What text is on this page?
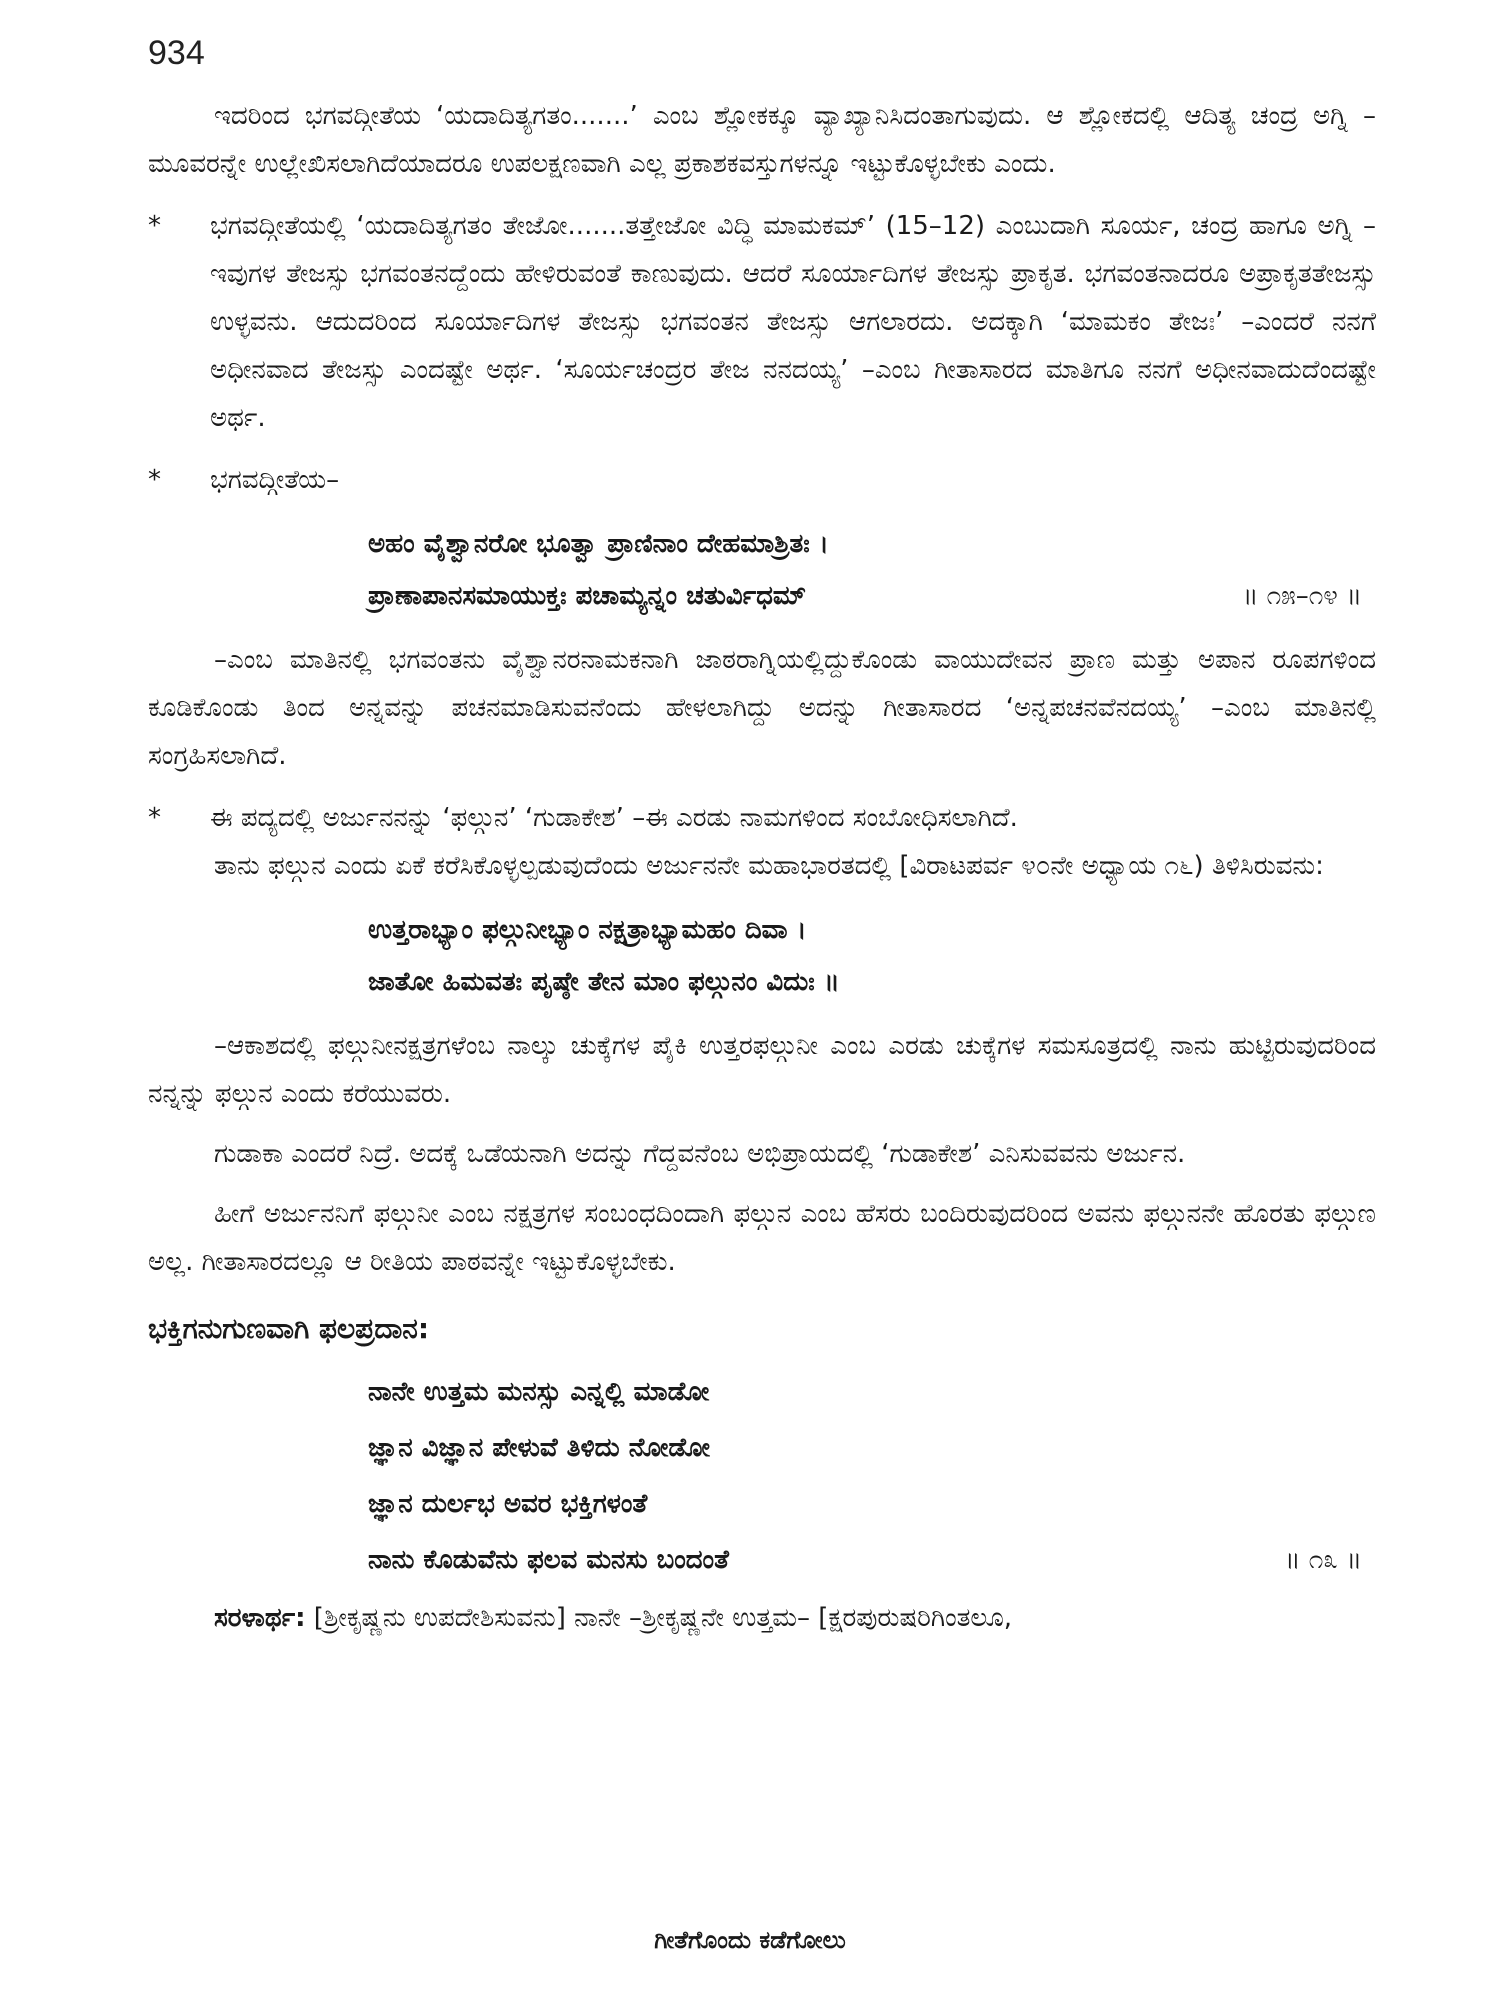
934

ಇದರಿಂದ ಭಗವದ್ಗೀತೆಯ ‘ಯದಾದಿತ್ಯಗತಂ.......’ ಎಂಬ ಶ್ಲೋಕಕ್ಕೂ ವ್ಯಾಖ್ಯಾನಿಸಿದಂತಾಗುವುದು. ಆ ಶ್ಲೋಕದಲ್ಲಿ ಆದಿತ್ಯ ಚಂದ್ರ ಅಗ್ನಿ –ಮೂವರನ್ನೇ ಉಲ್ಲೇಖಿಸಲಾಗಿದೆಯಾದರೂ ಉಪಲಕ್ಷಣವಾಗಿ ಎಲ್ಲ ಪ್ರಕಾಶಕವಸ್ತುಗಳನ್ನೂ ಇಟ್ಟುಕೊಳ್ಳಬೇಕು ಎಂದು.

*	ಭಗವದ್ಗೀತೆಯಲ್ಲಿ ‘ಯದಾದಿತ್ಯಗತಂ ತೇಜೋ.......ತತ್ತೇಜೋ ವಿದ್ಧಿ ಮಾಮಕಮ್’ (15–12) ಎಂಬುದಾಗಿ ಸೂರ್ಯ, ಚಂದ್ರ ಹಾಗೂ ಅಗ್ನಿ –ಇವುಗಳ ತೇಜಸ್ಸು ಭಗವಂತನದ್ದೆಂದು ಹೇಳಿರುವಂತೆ ಕಾಣುವುದು. ಆದರೆ ಸೂರ್ಯಾದಿಗಳ ತೇಜಸ್ಸು ಪ್ರಾಕೃತ. ಭಗವಂತನಾದರೂ ಅಪ್ರಾಕೃತತೇಜಸ್ಸು ಉಳ್ಳವನು. ಆದುದರಿಂದ ಸೂರ್ಯಾದಿಗಳ ತೇಜಸ್ಸು ಭಗವಂತನ ತೇಜಸ್ಸು ಆಗಲಾರದು. ಅದಕ್ಕಾಗಿ ‘ಮಾಮಕಂ ತೇಜಃ’ –ಎಂದರೆ ನನಗೆ ಅಧೀನವಾದ ತೇಜಸ್ಸು ಎಂದಷ್ಟೇ ಅರ್ಥ. ‘ಸೂರ್ಯಚಂದ್ರರ ತೇಜ ನನದಯ್ಯ’ –ಎಂಬ ಗೀತಾಸಾರದ ಮಾತಿಗೂ ನನಗೆ ಅಧೀನವಾದುದೆಂದಷ್ಟೇ ಅರ್ಥ.

*	ಭಗವದ್ಗೀತೆಯ–

ಅಹಂ ವೈಶ್ವಾನರೋ ಭೂತ್ವಾ ಪ್ರಾಣಿನಾಂ ದೇಹಮಾಶ್ರಿತಃ ।
ಪ್ರಾಣಾಪಾನಸಮಾಯುಕ್ತಃ ಪಚಾಮ್ಯನ್ನಂ ಚತುರ್ವಿಧಮ್	॥ ೧೫–೧೪ ॥

–ಎಂಬ ಮಾತಿನಲ್ಲಿ ಭಗವಂತನು ವೈಶ್ವಾನರನಾಮಕನಾಗಿ ಜಾಠರಾಗ್ನಿಯಲ್ಲಿದ್ದುಕೊಂಡು ವಾಯುದೇವನ ಪ್ರಾಣ ಮತ್ತು ಅಪಾನ ರೂಪಗಳಿಂದ ಕೂಡಿಕೊಂಡು ತಿಂದ ಅನ್ನವನ್ನು ಪಚನಮಾಡಿಸುವನೆಂದು ಹೇಳಲಾಗಿದ್ದು ಅದನ್ನು ಗೀತಾಸಾರದ ‘ಅನ್ನಪಚನವೆನದಯ್ಯ’ –ಎಂಬ ಮಾತಿನಲ್ಲಿ ಸಂಗ್ರಹಿಸಲಾಗಿದೆ.

*	ಈ ಪದ್ಯದಲ್ಲಿ ಅರ್ಜುನನನ್ನು ‘ಫಲ್ಗುನ’ ‘ಗುಡಾಕೇಶ’ –ಈ ಎರಡು ನಾಮಗಳಿಂದ ಸಂಬೋಧಿಸಲಾಗಿದೆ.

ತಾನು ಫಲ್ಗುನ ಎಂದು ಏಕೆ ಕರೆಸಿಕೊಳ್ಳಲ್ಪಡುವುದೆಂದು ಅರ್ಜುನನೇ ಮಹಾಭಾರತದಲ್ಲಿ [ವಿರಾಟಪರ್ವ ೪೦ನೇ ಅಧ್ಯಾಯ ೧೬) ತಿಳಿಸಿರುವನು:

ಉತ್ತರಾಭ್ಯಾಂ ಫಲ್ಗುನೀಭ್ಯಾಂ ನಕ್ಷತ್ರಾಭ್ಯಾಮಹಂ ದಿವಾ ।
ಜಾತೋ ಹಿಮವತಃ ಪೃಷ್ಠೇ ತೇನ ಮಾಂ ಫಲ್ಗುನಂ ವಿದುಃ ॥

–ಆಕಾಶದಲ್ಲಿ ಫಲ್ಗುನೀನಕ್ಷತ್ರಗಳೆಂಬ ನಾಲ್ಕು ಚುಕ್ಕೆಗಳ ಪೈಕಿ ಉತ್ತರಫಲ್ಗುನೀ ಎಂಬ ಎರಡು ಚುಕ್ಕೆಗಳ ಸಮಸೂತ್ರದಲ್ಲಿ ನಾನು ಹುಟ್ಟಿರುವುದರಿಂದ ನನ್ನನ್ನು ಫಲ್ಗುನ ಎಂದು ಕರೆಯುವರು.

ಗುಡಾಕಾ ಎಂದರೆ ನಿದ್ರೆ. ಅದಕ್ಕೆ ಒಡೆಯನಾಗಿ ಅದನ್ನು ಗೆದ್ದವನೆಂಬ ಅಭಿಪ್ರಾಯದಲ್ಲಿ ‘ಗುಡಾಕೇಶ’ ಎನಿಸುವವನು ಅರ್ಜುನ.

ಹೀಗೆ ಅರ್ಜುನನಿಗೆ ಫಲ್ಗುನೀ ಎಂಬ ನಕ್ಷತ್ರಗಳ ಸಂಬಂಧದಿಂದಾಗಿ ಫಲ್ಗುನ ಎಂಬ ಹೆಸರು ಬಂದಿರುವುದರಿಂದ ಅವನು ಫಲ್ಗುನನೇ ಹೊರತು ಫಲ್ಗುಣ ಅಲ್ಲ. ಗೀತಾಸಾರದಲ್ಲೂ ಆ ರೀತಿಯ ಪಾಠವನ್ನೇ ಇಟ್ಟುಕೊಳ್ಳಬೇಕು.

ಭಕ್ತಿಗನುಗುಣವಾಗಿ ಫಲಪ್ರದಾನ:
ನಾನೇ ಉತ್ತಮ ಮನಸ್ಸು ಎನ್ನಲ್ಲಿ ಮಾಡೋ
ಜ್ಞಾನ ವಿಜ್ಞಾನ ಪೇಳುವೆ ತಿಳಿದು ನೋಡೋ
ಜ್ಞಾನ ದುರ್ಲಭ ಅವರ ಭಕ್ತಿಗಳಂತೆ
ನಾನು ಕೊಡುವೆನು ಫಲವ ಮನಸು ಬಂದಂತೆ	॥ ೧೩ ॥

ಸರಳಾರ್ಥ: [ಶ್ರೀಕೃಷ್ಣನು ಉಪದೇಶಿಸುವನು] ನಾನೇ –ಶ್ರೀಕೃಷ್ಣನೇ ಉತ್ತಮ– [ಕ್ಷರಪುರುಷರಿಗಿಂತಲೂ,

ಗೀತೆಗೊಂದು ಕಡೆಗೋಲು
